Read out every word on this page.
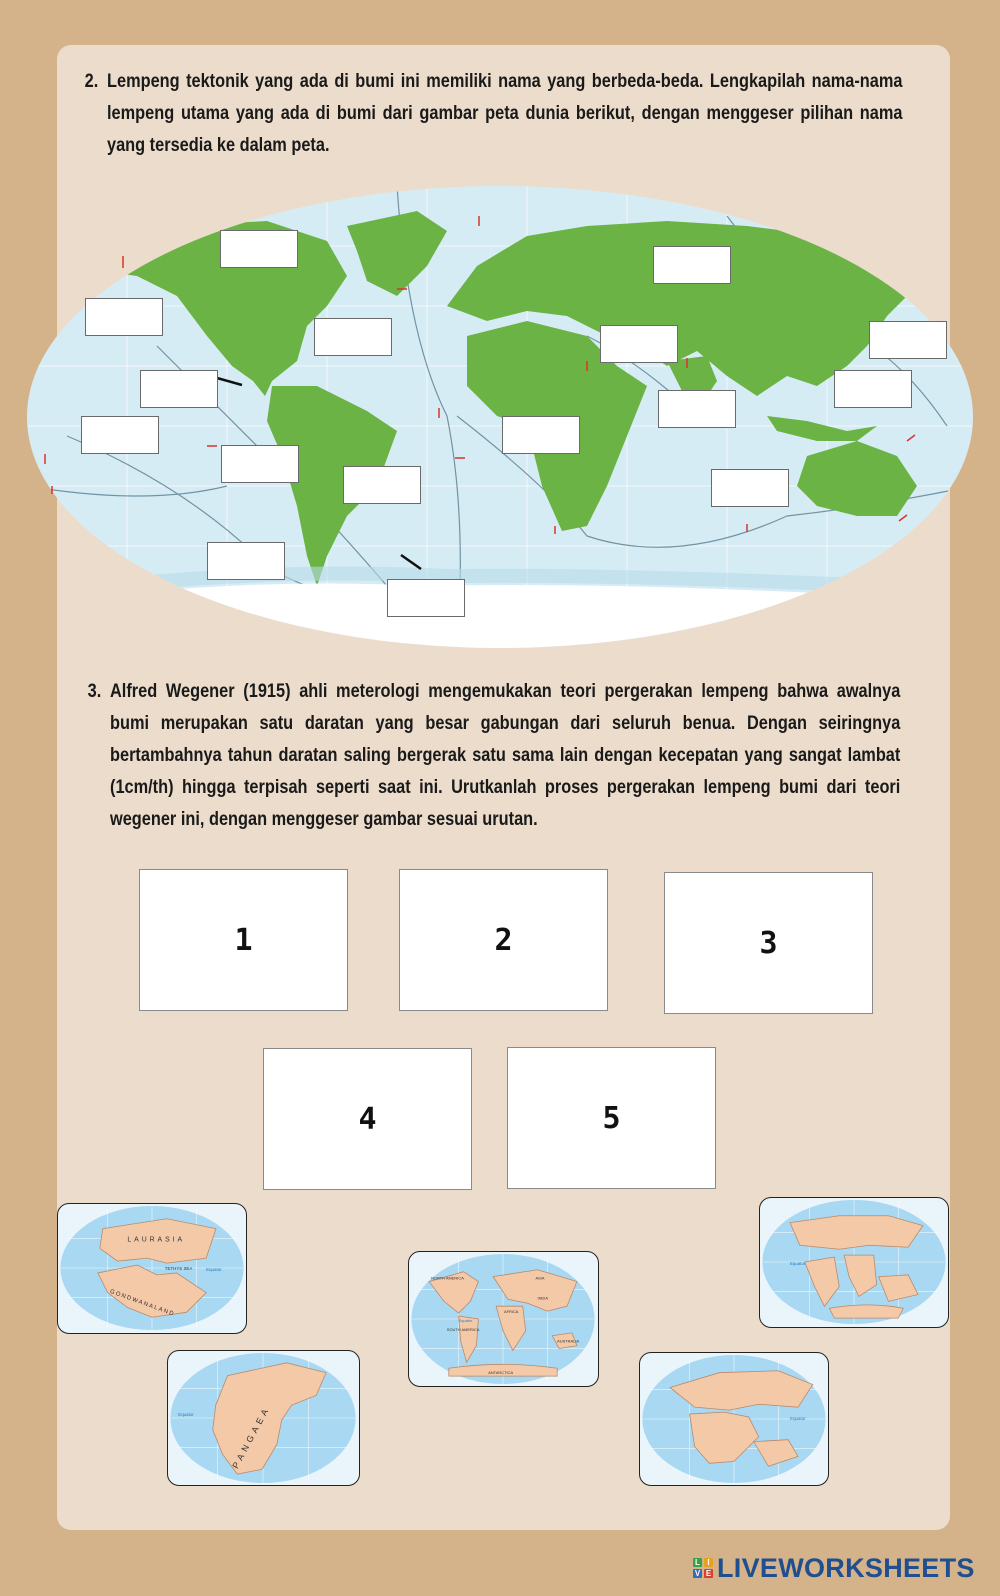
2. Lempeng tektonik yang ada di bumi ini memiliki nama yang berbeda-beda. Lengkapilah nama-nama lempeng utama yang ada di bumi dari gambar peta dunia berikut, dengan menggeser pilihan nama yang tersedia ke dalam peta.
3. Alfred Wegener (1915) ahli meterologi mengemukakan teori pergerakan lempeng bahwa awalnya bumi merupakan satu daratan yang besar gabungan dari seluruh benua. Dengan seiringnya bertambahnya tahun daratan saling bergerak satu sama lain dengan kecepatan yang sangat lambat (1cm/th) hingga terpisah seperti saat ini. Urutkanlah proses pergerakan lempeng bumi dari teori wegener ini, dengan menggeser gambar sesuai urutan.
1	2	3
4	5
LAURASIA
TETHYS SEA	Equator
GONDWANALAND
NORTH AMERICA	ASIA
AFRICA
INDIA
SOUTH AMERICA
AUSTRALIA
ANTARCTICA
Equator
Equator
Equator	PANGAEA	Equator
L I
V E LIVEWORKSHEETS
